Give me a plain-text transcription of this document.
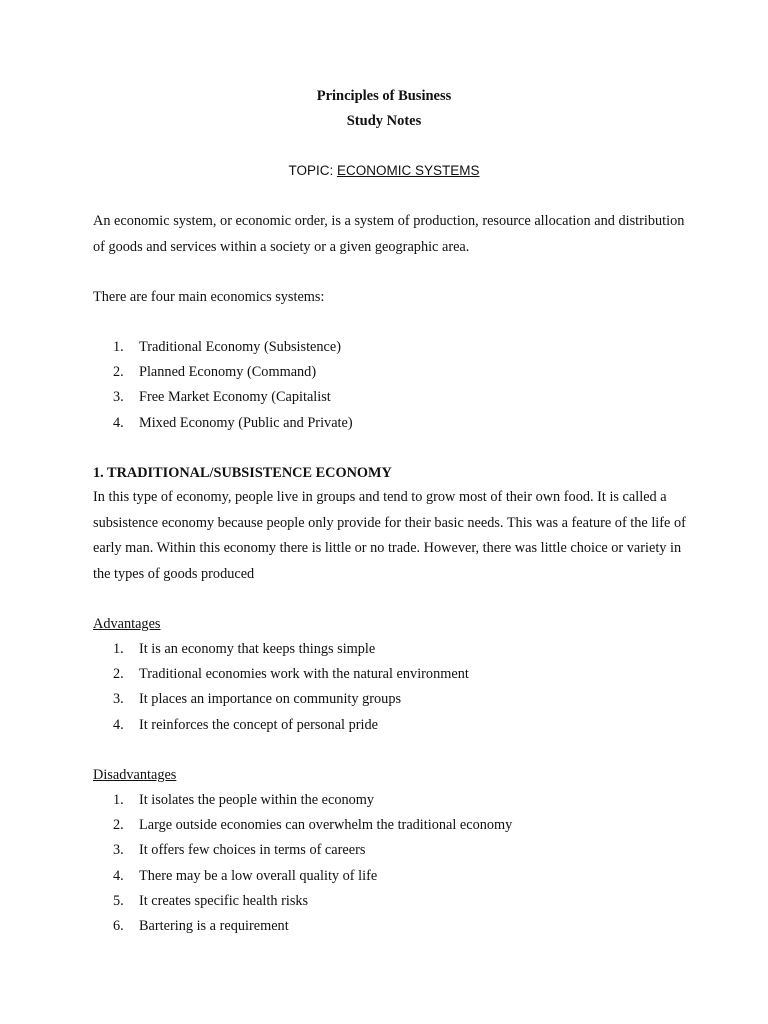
Principles of Business
Study Notes
TOPIC: ECONOMIC SYSTEMS
An economic system, or economic order, is a system of production, resource allocation and distribution of goods and services within a society or a given geographic area.
There are four main economics systems:
1. Traditional Economy (Subsistence)
2. Planned Economy (Command)
3. Free Market Economy (Capitalist
4. Mixed Economy (Public and Private)
1. TRADITIONAL/SUBSISTENCE ECONOMY
In this type of economy, people live in groups and tend to grow most of their own food. It is called a subsistence economy because people only provide for their basic needs. This was a feature of the life of early man. Within this economy there is little or no trade. However, there was little choice or variety in the types of goods produced
Advantages
1. It is an economy that keeps things simple
2. Traditional economies work with the natural environment
3. It places an importance on community groups
4. It reinforces the concept of personal pride
Disadvantages
1. It isolates the people within the economy
2. Large outside economies can overwhelm the traditional economy
3. It offers few choices in terms of careers
4. There may be a low overall quality of life
5. It creates specific health risks
6. Bartering is a requirement
